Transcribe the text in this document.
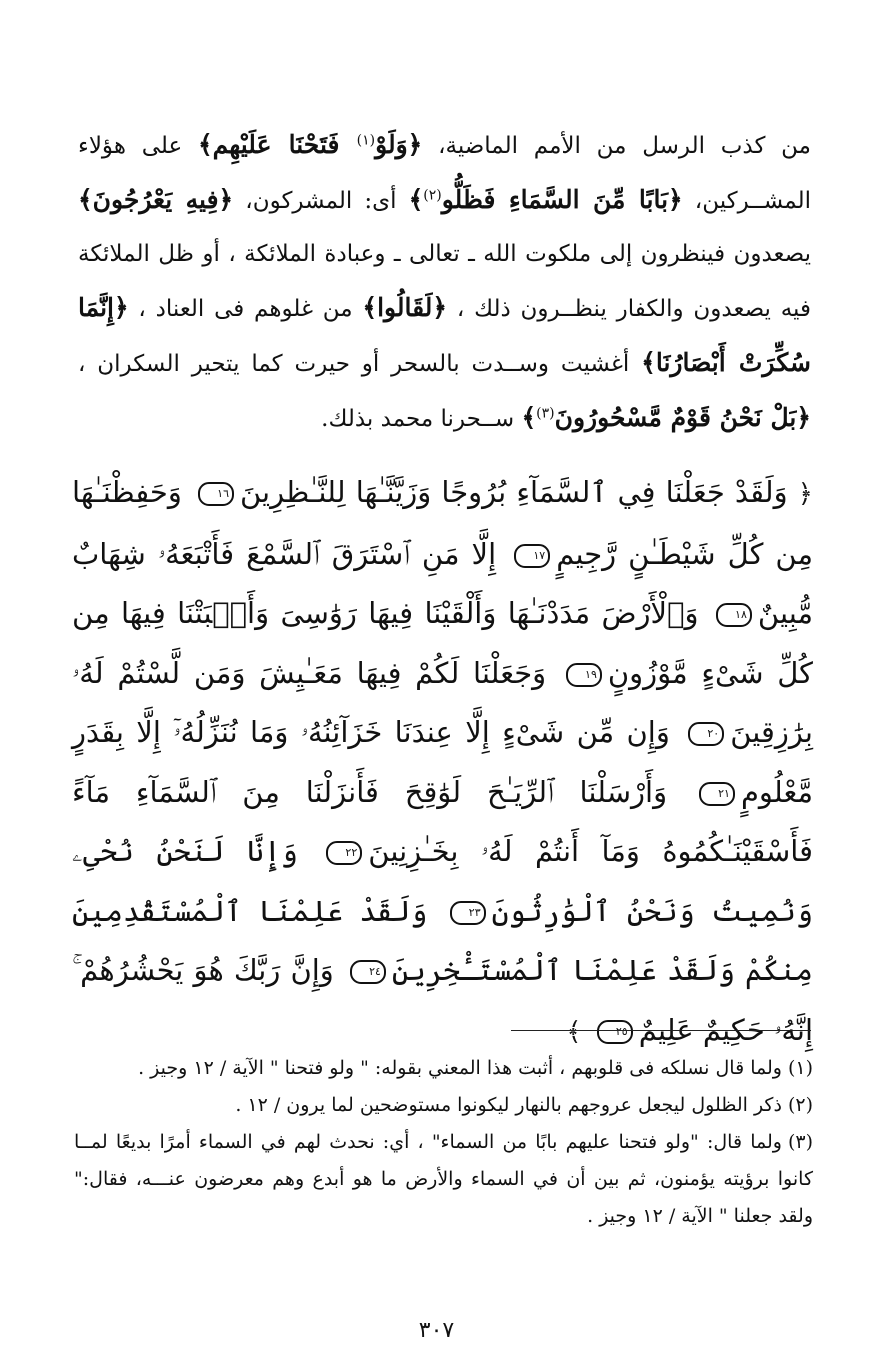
من كذب الرسل من الأمم الماضية، ﴿وَلَوْ$^{(١)}$ فَتَحْنَا عَلَيْهِم﴾ على هؤلاء المشــركين، ﴿بَابًا مِّنَ السَّمَاءِ فَظَلُّو$^{(٢)}$﴾ أى: المشركون، ﴿فِيهِ يَعْرُجُونَ﴾ يصعدون فينظرون إلى ملكوت الله ـ تعالى ـ وعبادة الملائكة ، أو ظل الملائكة فيه يصعدون والكفار ينظــرون ذلك ، ﴿لَقَالُوا﴾ من غلوهم فى العناد ، ﴿إِنَّمَا سُكِّرَتْ أَبْصَارُنَا﴾ أغشيت وســدت بالسحر أو حيرت كما يتحير السكران ، ﴿بَلْ نَحْنُ قَوْمٌ مَّسْحُورُونَ$^{(٣)}$﴾ ســحرنا محمد بذلك.
﴿ وَلَقَدْ جَعَلْنَا فِي ٱلسَّمَآءِ بُرُوجًا وَزَيَّنَّـٰهَا لِلنَّـٰظِرِينَ١٦ وَحَفِظْنَـٰهَا مِن كُلِّ شَيْطَـٰنٍ رَّجِيمٍ١٧ إِلَّا مَنِ ٱسْتَرَقَ ٱلسَّمْعَ فَأَتْبَعَهُۥ شِهَابٌ مُّبِينٌ١٨ وَٱلْأَرْضَ مَدَدْنَـٰهَا وَأَلْقَيْنَا فِيهَا رَوَٰسِىَ وَأَنۢبَتْنَا فِيهَا مِن كُلِّ شَىْءٍ مَّوْزُونٍ١٩ وَجَعَلْنَا لَكُمْ فِيهَا مَعَـٰيِشَ وَمَن لَّسْتُمْ لَهُۥ بِرَٰزِقِينَ٢٠ وَإِن مِّن شَىْءٍ إِلَّا عِندَنَا خَزَآئِنُهُۥ وَمَا نُنَزِّلُهُۥٓ إِلَّا بِقَدَرٍ مَّعْلُومٍ٢١ وَأَرْسَلْنَا ٱلرِّيَـٰحَ لَوَٰقِحَ فَأَنزَلْنَا مِنَ ٱلسَّمَآءِ مَآءً فَأَسْقَيْنَـٰكُمُوهُ وَمَآ أَنتُمْ لَهُۥ بِخَـٰزِنِينَ٢٢ وَإِنَّا لَنَحْنُ نُحْىِۦ وَنُمِيتُ وَنَحْنُ ٱلْوَٰرِثُونَ٢٣ وَلَقَدْ عَلِمْنَا ٱلْمُسْتَقْدِمِينَ مِنكُمْ وَلَقَدْ عَلِمْنَا ٱلْمُسْتَـْٔخِرِينَ٢٤ وَإِنَّ رَبَّكَ هُوَ يَحْشُرُهُمْ ۚ إِنَّهُۥ حَكِيمٌ عَلِيمٌ٢٥ ﴾
(١)ولما قال نسلكه فى قلوبهم ، أثبت هذا المعني بقوله: " ولو فتحنا " الآية / ١٢ وجيز .
(٢)ذكر الظلول ليجعل عروجهم بالنهار ليكونوا مستوضحين لما يرون / ١٢ .
(٣)ولما قال: "ولو فتحنا عليهم بابًا من السماء" ، أي: نحدث لهم في السماء أمرًا بديعًا لمــا كانوا برؤيته يؤمنون، ثم بين أن في السماء والأرض ما هو أبدع وهم معرضون عنـــه، فقال:" ولقد جعلنا " الآية / ١٢ وجيز .
٣٠٧
